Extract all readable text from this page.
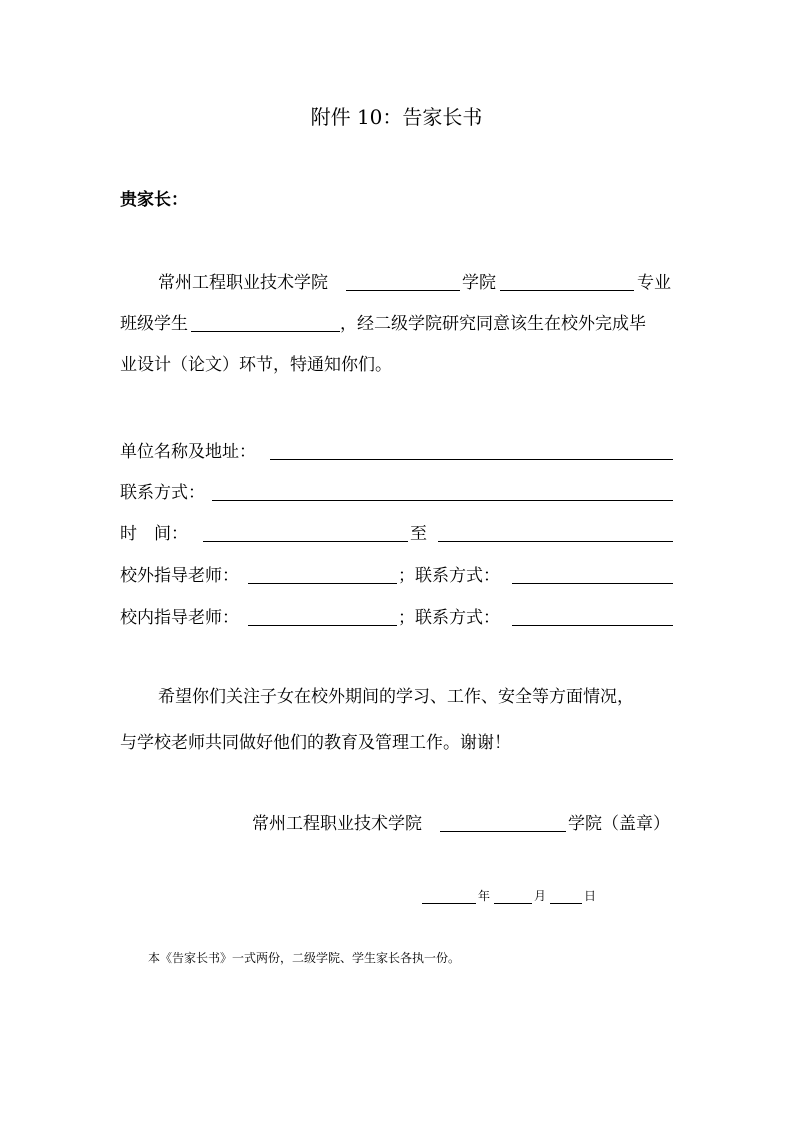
附件 10：告家长书
贵家长：
常州工程职业技术学院	学院	专业
班级学生	，经二级学院研究同意该生在校外完成毕
业设计（论文）环节，特通知你们。
单位名称及地址：
联系方式：
时　间：	至
校外指导老师：	；联系方式：
校内指导老师：	；联系方式：
希望你们关注子女在校外期间的学习、工作、安全等方面情况，
与学校老师共同做好他们的教育及管理工作。谢谢！
常州工程职业技术学院	学院（盖章）
年	月	日
本《告家长书》一式两份，二级学院、学生家长各执一份。
